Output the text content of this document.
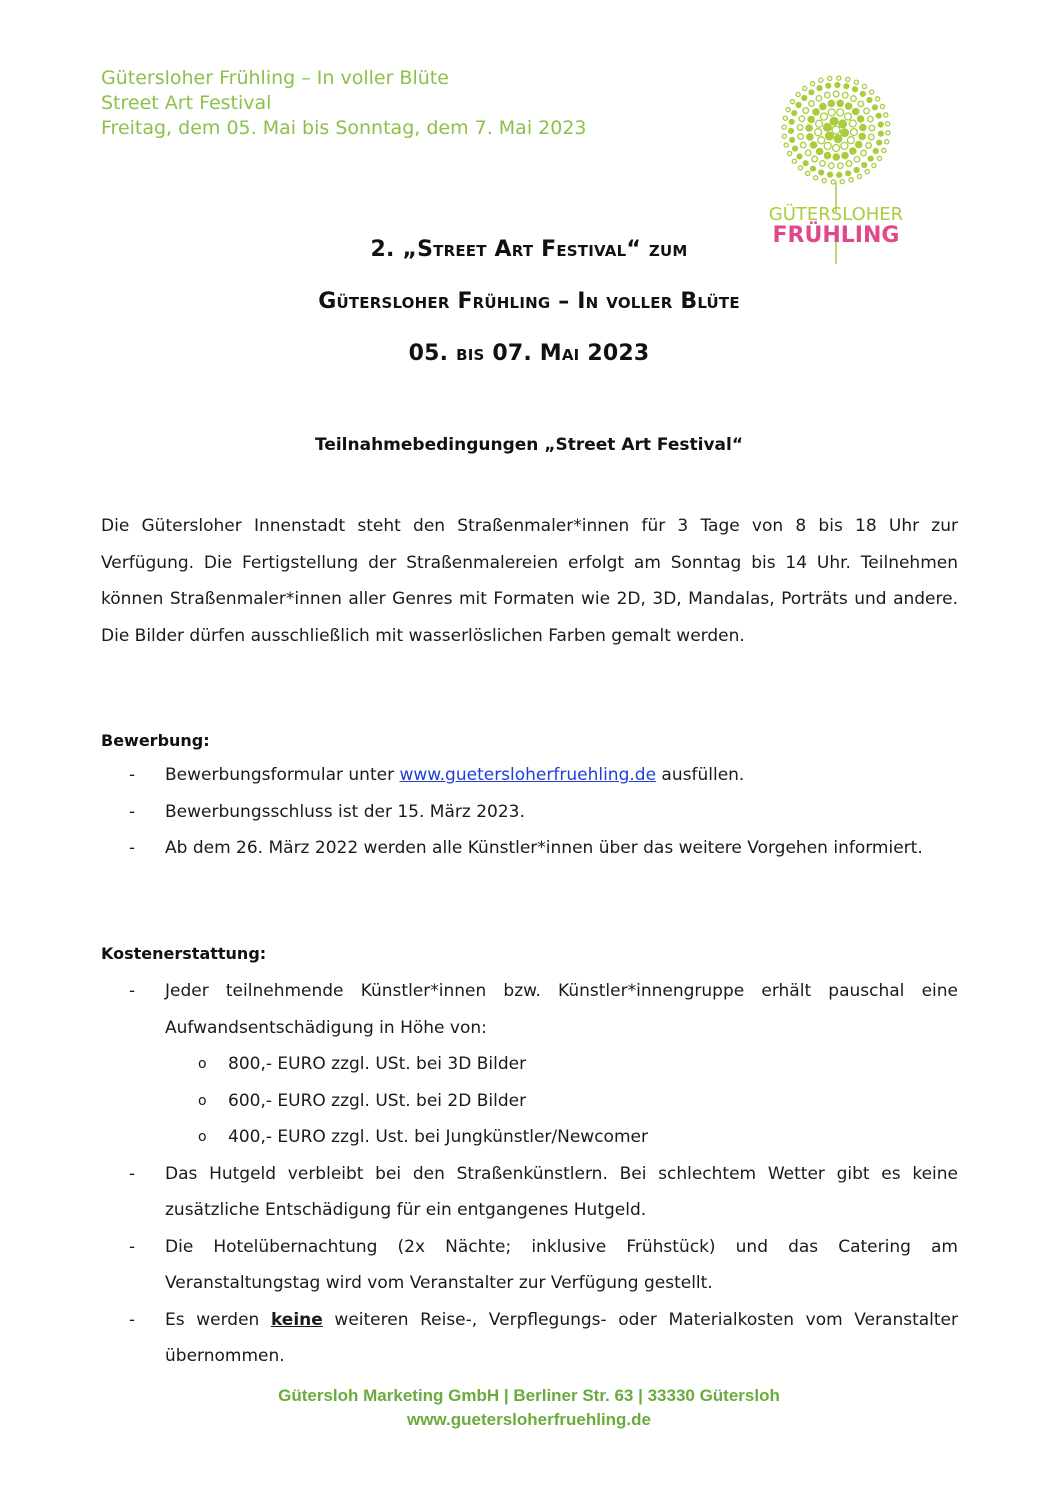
Gütersloher Frühling – In voller Blüte
Street Art Festival
Freitag, dem 05. Mai bis Sonntag, dem 7. Mai 2023
GÜTERSLOHER
FRÜHLING
2. „Street Art Festival“ zum
Gütersloher Frühling – In voller Blüte
05. bis 07. Mai 2023
Teilnahmebedingungen „Street Art Festival“
Die Gütersloher Innenstadt steht den Straßenmaler*innen für 3 Tage von 8 bis 18 Uhr zur Verfügung. Die Fertigstellung der Straßenmalereien erfolgt am Sonntag bis 14 Uhr. Teilnehmen können Straßenmaler*innen aller Genres mit Formaten wie 2D, 3D, Mandalas, Porträts und andere. Die Bilder dürfen ausschließlich mit wasserlöslichen Farben gemalt werden.
Bewerbung:
- Bewerbungsformular unter www.guetersloherfruehling.de ausfüllen.
- Bewerbungsschluss ist der 15. März 2023.
- Ab dem 26. März 2022 werden alle Künstler*innen über das weitere Vorgehen informiert.
Kostenerstattung:
- Jeder teilnehmende Künstler*innen bzw. Künstler*innengruppe erhält pauschal eine Aufwandsentschädigung in Höhe von:
o 800,- EURO zzgl. USt. bei 3D Bilder
o 600,- EURO zzgl. USt. bei 2D Bilder
o 400,- EURO zzgl. Ust. bei Jungkünstler/Newcomer
- Das Hutgeld verbleibt bei den Straßenkünstlern. Bei schlechtem Wetter gibt es keine zusätzliche Entschädigung für ein entgangenes Hutgeld.
- Die Hotelübernachtung (2x Nächte; inklusive Frühstück) und das Catering am Veranstaltungstag wird vom Veranstalter zur Verfügung gestellt.
- Es werden keine weiteren Reise-, Verpflegungs- oder Materialkosten vom Veranstalter übernommen.
Gütersloh Marketing GmbH | Berliner Str. 63 | 33330 Gütersloh
www.guetersloherfruehling.de
